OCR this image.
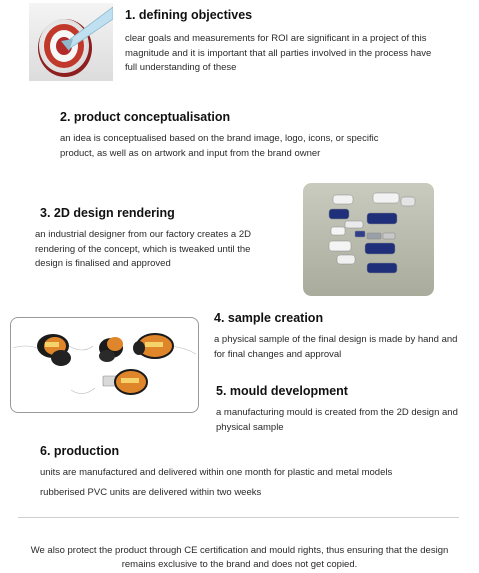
1. defining objectives

clear goals and measurements for ROI are significant in a project of this magnitude and it is important that all parties involved in the process have full understanding of these

2. product conceptualisation

an idea is conceptualised based on the brand image, logo, icons, or specific product, as well as on artwork and input from the brand owner

3. 2D design rendering

an industrial designer from our factory creates a 2D rendering of the concept, which is tweaked until the design is finalised and approved

4. sample creation

a physical sample of the final design is made by hand and for final changes and approval

5. mould development

a manufacturing mould is created from the 2D design and physical sample

6. production

units are manufactured and delivered within one month for plastic and metal models

rubberised PVC units are delivered within two weeks

We also protect the product through CE certification and mould rights, thus ensuring that the design remains exclusive to the brand and does not get copied.
